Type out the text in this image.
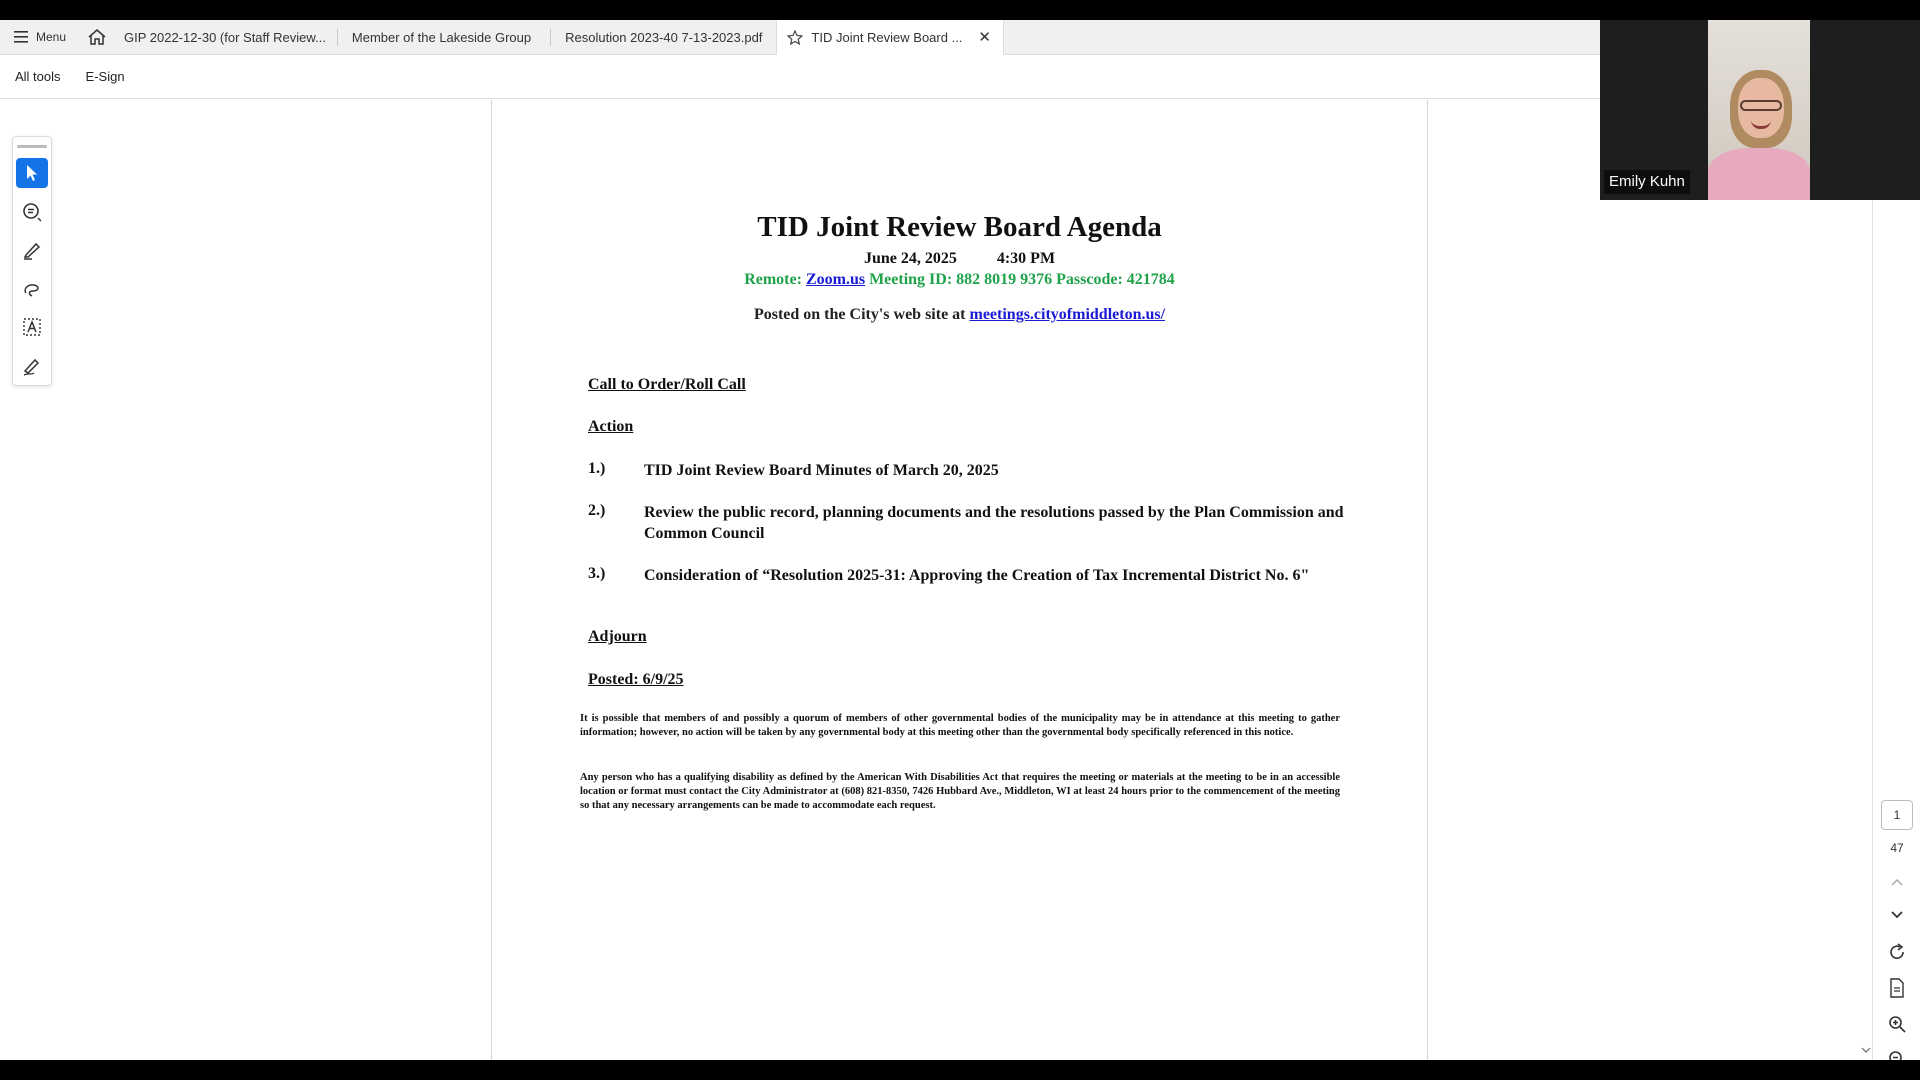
Menu	GIP 2022-12-30 (for Staff Review... Member of the Lakeside Group	Resolution 2023-40 7-13-2023.pdf	TID Joint Review Board ... ✕
All tools E-Sign
TID Joint Review Board Agenda
June 24, 2025	4:30 PM
Remote: Zoom.us Meeting ID: 882 8019 9376 Passcode: 421784
Posted on the City's web site at meetings.cityofmiddleton.us/
Call to Order/Roll Call
Action
1.)	TID Joint Review Board Minutes of March 20, 2025
2.)	Review the public record, planning documents and the resolutions passed by the Plan Commission and Common Council
3.)	Consideration of “Resolution 2025-31: Approving the Creation of Tax Incremental District No. 6"
Adjourn
Posted: 6/9/25
It is possible that members of and possibly a quorum of members of other governmental bodies of the municipality may be in attendance at this meeting to gather information; however, no action will be taken by any governmental body at this meeting other than the governmental body specifically referenced in this notice.
Any person who has a qualifying disability as defined by the American With Disabilities Act that requires the meeting or materials at the meeting to be in an accessible location or format must contact the City Administrator at (608) 821-8350, 7426 Hubbard Ave., Middleton, WI at least 24 hours prior to the commencement of the meeting so that any necessary arrangements can be made to accommodate each request.
1
47
Emily Kuhn
